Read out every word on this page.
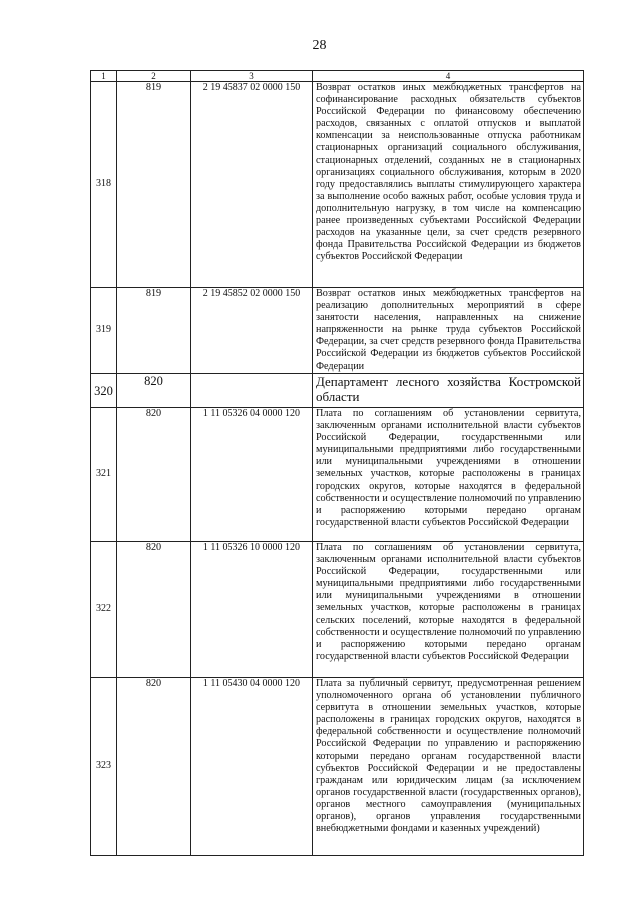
28
1	2	3	4
318	819	2 19 45837 02 0000 150	Возврат остатков иных межбюджетных трансфертов на софинансирование расходных обязательств субъектов Российской Федерации по финансовому обеспечению расходов, связанных с оплатой отпусков и выплатой компенсации за неиспользованные отпуска работникам стационарных организаций социального обслуживания, стационарных отделений, созданных не в стационарных организациях социального обслуживания, которым в 2020 году предоставлялись выплаты стимулирующего характера за выполнение особо важных работ, особые условия труда и дополнительную нагрузку, в том числе на компенсацию ранее произведенных субъектами Российской Федерации расходов на указанные цели, за счет средств резервного фонда Правительства Российской Федерации из бюджетов субъектов Российской Федерации
319	819	2 19 45852 02 0000 150	Возврат остатков иных межбюджетных трансфертов на реализацию дополнительных мероприятий в сфере занятости населения, направленных на снижение напряженности на рынке труда субъектов Российской Федерации, за счет средств резервного фонда Правительства Российской Федерации из бюджетов субъектов Российской Федерации
320	820		Департамент лесного хозяйства Костромской области
321	820	1 11 05326 04 0000 120	Плата по соглашениям об установлении сервитута, заключенным органами исполнительной власти субъектов Российской Федерации, государственными или муниципальными предприятиями либо государственными или муниципальными учреждениями в отношении земельных участков, которые расположены в границах городских округов, которые находятся в федеральной собственности и осуществление полномочий по управлению и распоряжению которыми передано органам государственной власти субъектов Российской Федерации
322	820	1 11 05326 10 0000 120	Плата по соглашениям об установлении сервитута, заключенным органами исполнительной власти субъектов Российской Федерации, государственными или муниципальными предприятиями либо государственными или муниципальными учреждениями в отношении земельных участков, которые расположены в границах сельских поселений, которые находятся в федеральной собственности и осуществление полномочий по управлению и распоряжению которыми передано органам государственной власти субъектов Российской Федерации
323	820	1 11 05430 04 0000 120	Плата за публичный сервитут, предусмотренная решением уполномоченного органа об установлении публичного сервитута в отношении земельных участков, которые расположены в границах городских округов, находятся в федеральной собственности и осуществление полномочий Российской Федерации по управлению и распоряжению которыми передано органам государственной власти субъектов Российской Федерации и не предоставлены гражданам или юридическим лицам (за исключением органов государственной власти (государственных органов), органов местного самоуправления (муниципальных органов), органов управления государственными внебюджетными фондами и казенных учреждений)
